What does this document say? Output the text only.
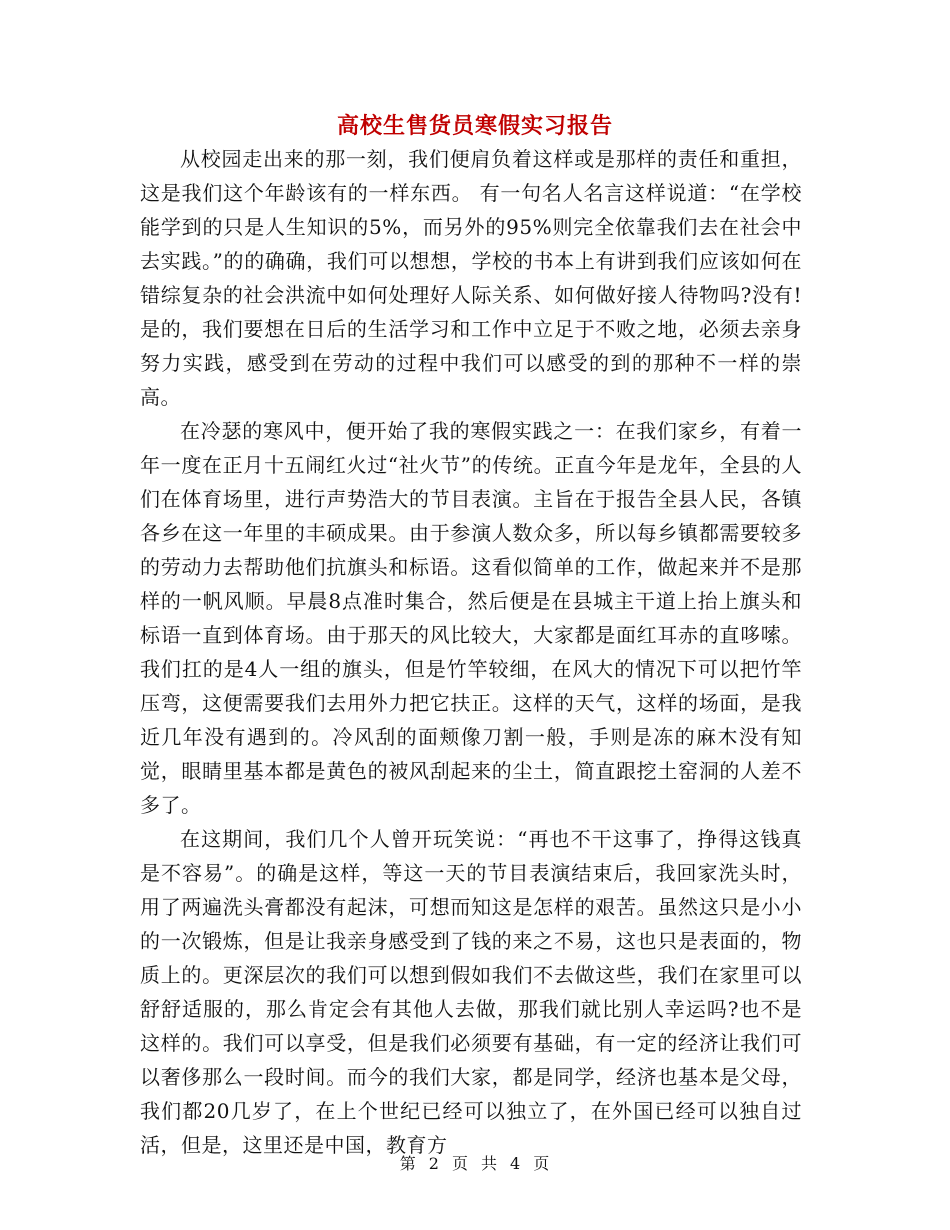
高校生售货员寒假实习报告

从校园走出来的那一刻，我们便肩负着这样或是那样的责任和重担，这是我们这个年龄该有的一样东西。 有一句名人名言这样说道：“在学校能学到的只是人生知识的5%，而另外的95%则完全依靠我们去在社会中去实践。”的的确确，我们可以想想，学校的书本上有讲到我们应该如何在错综复杂的社会洪流中如何处理好人际关系、如何做好接人待物吗?没有!是的，我们要想在日后的生活学习和工作中立足于不败之地，必须去亲身努力实践，感受到在劳动的过程中我们可以感受的到的那种不一样的崇高。

在冷瑟的寒风中，便开始了我的寒假实践之一：在我们家乡，有着一年一度在正月十五闹红火过“社火节”的传统。正直今年是龙年，全县的人们在体育场里，进行声势浩大的节目表演。主旨在于报告全县人民，各镇各乡在这一年里的丰硕成果。由于参演人数众多，所以每乡镇都需要较多的劳动力去帮助他们抗旗头和标语。这看似简单的工作，做起来并不是那样的一帆风顺。早晨8点准时集合，然后便是在县城主干道上抬上旗头和标语一直到体育场。由于那天的风比较大，大家都是面红耳赤的直哆嗦。我们扛的是4人一组的旗头，但是竹竿较细，在风大的情况下可以把竹竿压弯，这便需要我们去用外力把它扶正。这样的天气，这样的场面，是我近几年没有遇到的。冷风刮的面颊像刀割一般，手则是冻的麻木没有知觉，眼睛里基本都是黄色的被风刮起来的尘土，简直跟挖土窑洞的人差不多了。

在这期间，我们几个人曾开玩笑说：“再也不干这事了，挣得这钱真是不容易”。的确是这样，等这一天的节目表演结束后，我回家洗头时，用了两遍洗头膏都没有起沫，可想而知这是怎样的艰苦。虽然这只是小小的一次锻炼，但是让我亲身感受到了钱的来之不易，这也只是表面的，物质上的。更深层次的我们可以想到假如我们不去做这些，我们在家里可以舒舒适服的，那么肯定会有其他人去做，那我们就比别人幸运吗?也不是这样的。我们可以享受，但是我们必须要有基础，有一定的经济让我们可以奢侈那么一段时间。而今的我们大家，都是同学，经济也基本是父母，我们都20几岁了，在上个世纪已经可以独立了，在外国已经可以独自过活，但是，这里还是中国，教育方

第 2 页 共 4 页
